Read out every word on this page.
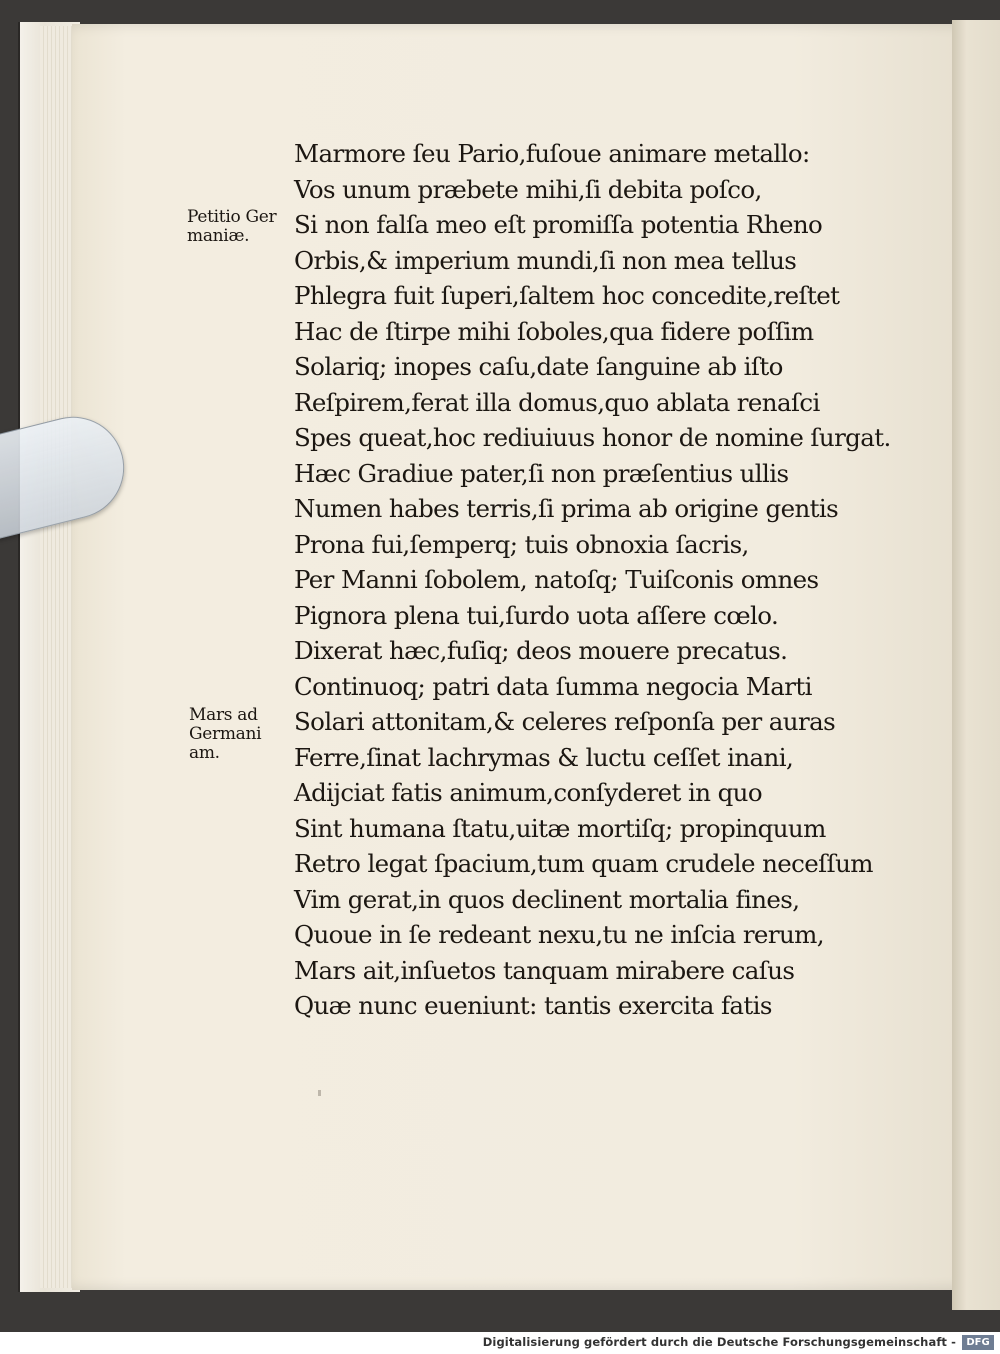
Marmore ſeu Pario,fuſoue animare metallo:
Vos unum præbete mihi,ſi debita poſco,
Si non falſa meo eſt promiſſa potentia Rheno
Orbis,& imperium mundi,ſi non mea tellus
Phlegra fuit ſuperi,ſaltem hoc concedite,reſtet
Hac de ſtirpe mihi ſoboles,qua fidere poſſim
Solariq; inopes caſu,date ſanguine ab iſto
Reſpirem,ferat illa domus,quo ablata renaſci
Spes queat,hoc rediuiuus honor de nomine ſurgat.
Hæc Gradiue pater,ſi non præſentius ullis
Numen habes terris,ſi prima ab origine gentis
Prona fui,ſemperq; tuis obnoxia ſacris,
Per Manni ſobolem, natoſq; Tuiſconis omnes
Pignora plena tui,ſurdo uota aſſere cœlo.
Dixerat hæc,fuſiq; deos mouere precatus.
Continuoq; patri data ſumma negocia Marti
Solari attonitam,& celeres reſponſa per auras
Ferre,ſinat lachrymas & luctu ceſſet inani,
Adijciat fatis animum,conſyderet in quo
Sint humana ſtatu,uitæ mortiſq; propinquum
Retro legat ſpacium,tum quam crudele neceſſum
Vim gerat,in quos declinent mortalia fines,
Quoue in ſe redeant nexu,tu ne inſcia rerum,
Mars ait,inſuetos tanquam mirabere caſus
Quæ nunc eueniunt: tantis exercita fatis
Petitio Ger
maniæ.
Mars ad
Germani
am.
Digitalisierung gefördert durch die Deutsche Forschungsgemeinschaft -	DFG
